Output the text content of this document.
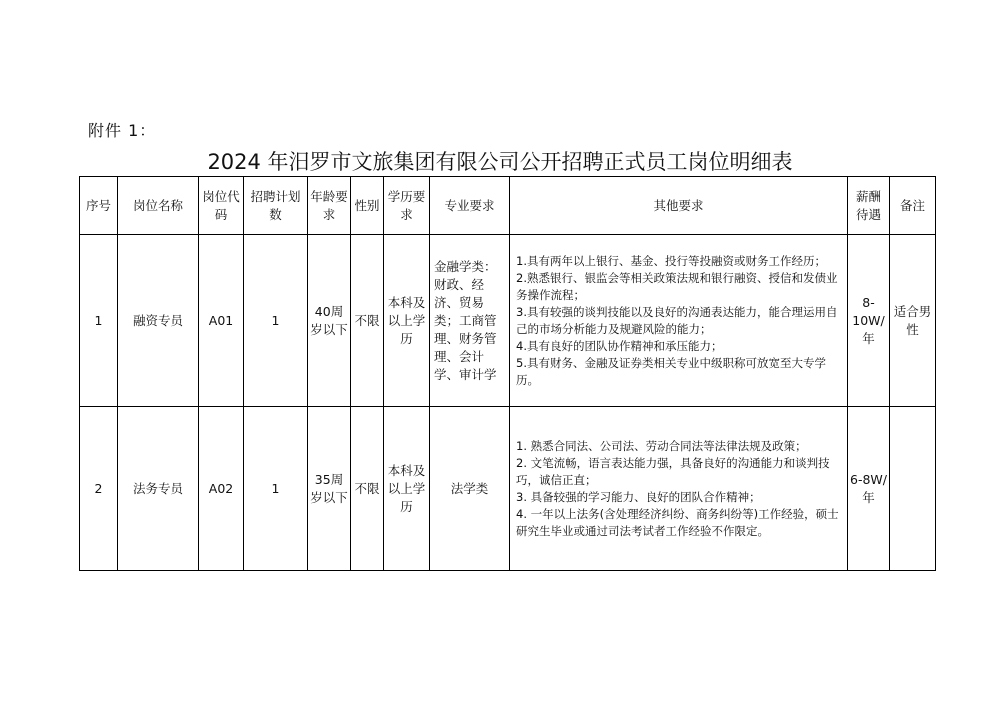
附件 1：
2024 年汨罗市文旅集团有限公司公开招聘正式员工岗位明细表
序号	岗位名称	岗位代码	招聘计划数	年龄要求	性别	学历要求	专业要求	其他要求	薪酬待遇	备注
1	融资专员	A01	1	40周岁以下	不限	本科及以上学历	金融学类：财政、经济、贸易类；工商管理、财务管理、会计学、审计学	1.具有两年以上银行、基金、投行等投融资或财务工作经历；
2.熟悉银行、银监会等相关政策法规和银行融资、授信和发债业务操作流程；
3.具有较强的谈判技能以及良好的沟通表达能力，能合理运用自己的市场分析能力及规避风险的能力；
4.具有良好的团队协作精神和承压能力；
5.具有财务、金融及证券类相关专业中级职称可放宽至大专学历。	8-10W/年	适合男性
2	法务专员	A02	1	35周岁以下	不限	本科及以上学历	法学类	1. 熟悉合同法、公司法、劳动合同法等法律法规及政策；
2. 文笔流畅，语言表达能力强，具备良好的沟通能力和谈判技巧，诚信正直；
3. 具备较强的学习能力、良好的团队合作精神；
4. 一年以上法务(含处理经济纠纷、商务纠纷等)工作经验，硕士研究生毕业或通过司法考试者工作经验不作限定。	6-8W/年	
